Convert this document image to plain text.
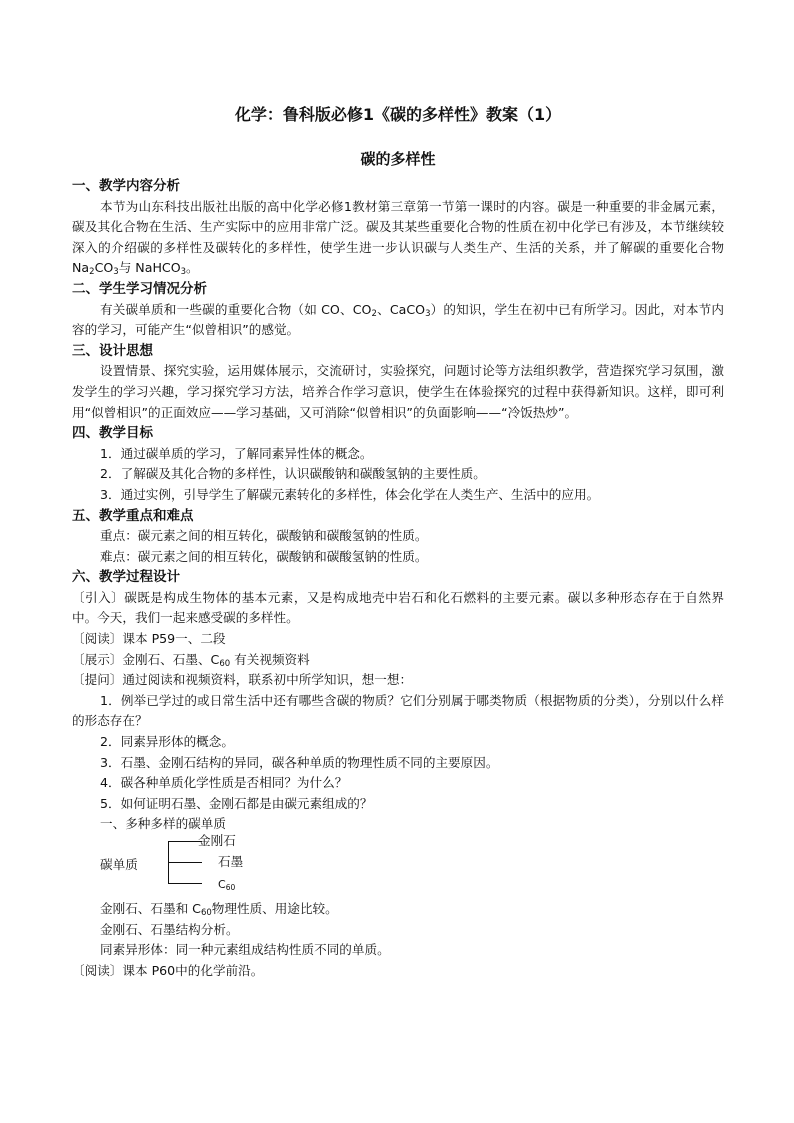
化学：鲁科版必修1《碳的多样性》教案（1）

碳的多样性

一、教学内容分析

本节为山东科技出版社出版的高中化学必修1教材第三章第一节第一课时的内容。碳是一种重要的非金属元素，碳及其化合物在生活、生产实际中的应用非常广泛。碳及其某些重要化合物的性质在初中化学已有涉及，本节继续较深入的介绍碳的多样性及碳转化的多样性，使学生进一步认识碳与人类生产、生活的关系，并了解碳的重要化合物 $Na_2CO_3$与 NaHCO$_3$。

二、学生学习情况分析

有关碳单质和一些碳的重要化合物（如 CO、$CO_2$、CaCO$_3$）的知识，学生在初中已有所学习。因此，对本节内容的学习，可能产生“似曾相识”的感觉。

三、设计思想

设置情景、探究实验，运用媒体展示，交流研讨，实验探究，问题讨论等方法组织教学，营造探究学习氛围，激发学生的学习兴趣，学习探究学习方法，培养合作学习意识，使学生在体验探究的过程中获得新知识。这样，即可利用“似曾相识”的正面效应——学习基础，又可消除“似曾相识”的负面影响——“冷饭热炒”。

四、教学目标

1．通过碳单质的学习，了解同素异性体的概念。

2．了解碳及其化合物的多样性，认识碳酸钠和碳酸氢钠的主要性质。

3．通过实例，引导学生了解碳元素转化的多样性，体会化学在人类生产、生活中的应用。

五、教学重点和难点

重点：碳元素之间的相互转化，碳酸钠和碳酸氢钠的性质。

难点：碳元素之间的相互转化，碳酸钠和碳酸氢钠的性质。

六、教学过程设计

〔引入〕碳既是构成生物体的基本元素，又是构成地壳中岩石和化石燃料的主要元素。碳以多种形态存在于自然界中。今天，我们一起来感受碳的多样性。

〔阅读〕课本 P59一、二段

〔展示〕金刚石、石墨、$C_{60}$ 有关视频资料

〔提问〕通过阅读和视频资料，联系初中所学知识，想一想：

1．例举已学过的或日常生活中还有哪些含碳的物质？它们分别属于哪类物质（根据物质的分类），分别以什么样的形态存在？

2．同素异形体的概念。

3．石墨、金刚石结构的异同，碳各种单质的物理性质不同的主要原因。

4．碳各种单质化学性质是否相同？为什么？

5．如何证明石墨、金刚石都是由碳元素组成的？

一、多种多样的碳单质

碳单质
金刚石
石墨
$C_{60}$

金刚石、石墨和 $C_{60}$物理性质、用途比较。

金刚石、石墨结构分析。

同素异形体：同一种元素组成结构性质不同的单质。

〔阅读〕课本 P60中的化学前沿。
